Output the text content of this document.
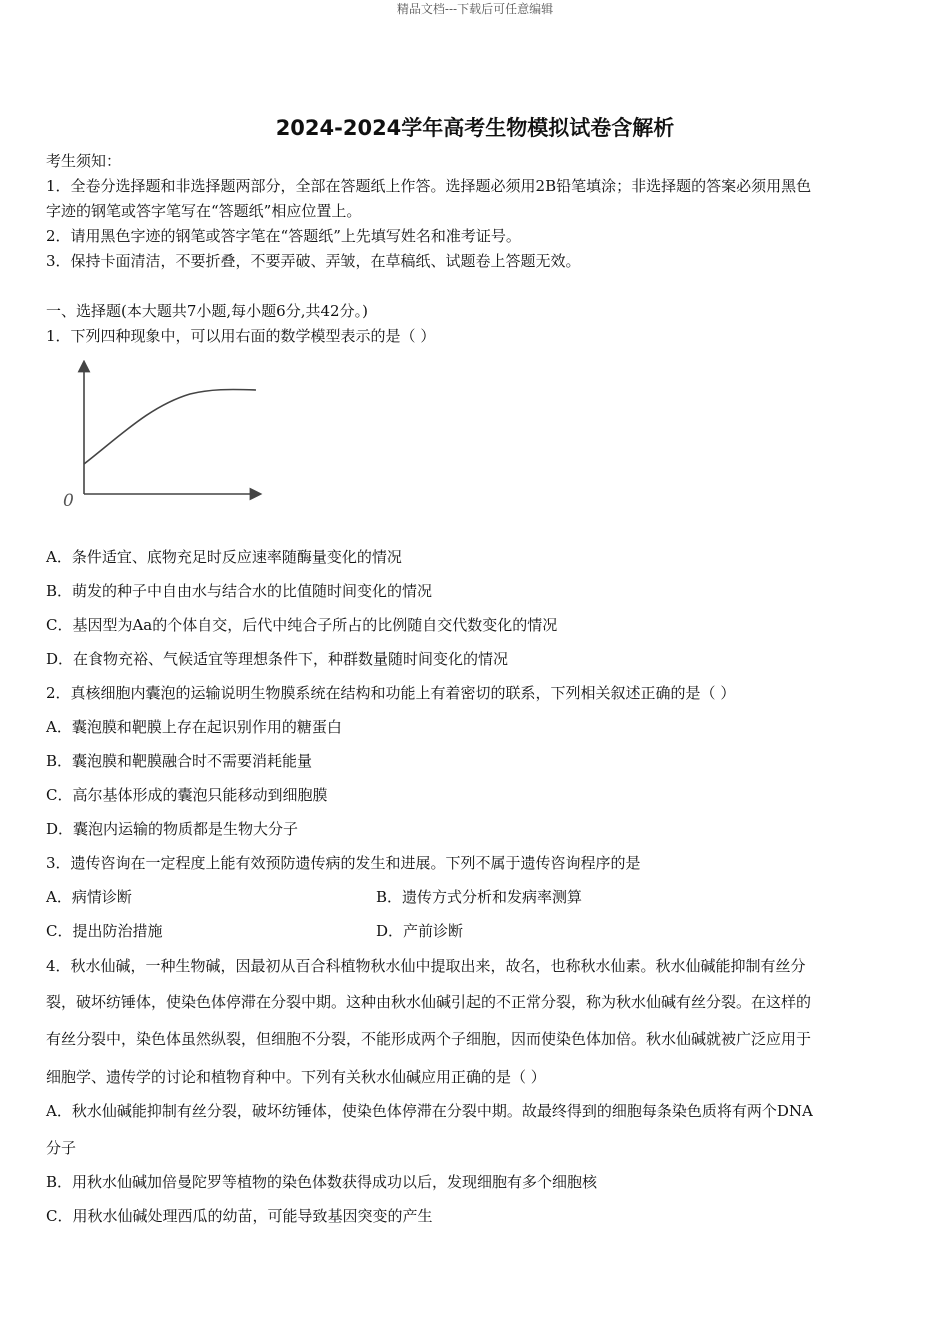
精品文档---下载后可任意编辑
2024-2024学年高考生物模拟试卷含解析
考生须知：
1．全卷分选择题和非选择题两部分，全部在答题纸上作答。选择题必须用2B铅笔填涂；非选择题的答案必须用黑色
字迹的钢笔或答字笔写在“答题纸”相应位置上。
2．请用黑色字迹的钢笔或答字笔在“答题纸”上先填写姓名和准考证号。
3．保持卡面清洁，不要折叠，不要弄破、弄皱，在草稿纸、试题卷上答题无效。
一、选择题(本大题共7小题,每小题6分,共42分。)
1．下列四种现象中，可以用右面的数学模型表示的是（ ）
0
A．条件适宜、底物充足时反应速率随酶量变化的情况
B．萌发的种子中自由水与结合水的比值随时间变化的情况
C．基因型为Aa的个体自交，后代中纯合子所占的比例随自交代数变化的情况
D．在食物充裕、气候适宜等理想条件下，种群数量随时间变化的情况
2．真核细胞内囊泡的运输说明生物膜系统在结构和功能上有着密切的联系，下列相关叙述正确的是（ ）
A．囊泡膜和靶膜上存在起识别作用的糖蛋白
B．囊泡膜和靶膜融合时不需要消耗能量
C．高尔基体形成的囊泡只能移动到细胞膜
D．囊泡内运输的物质都是生物大分子
3．遗传咨询在一定程度上能有效预防遗传病的发生和进展。下列不属于遗传咨询程序的是
A．病情诊断	B．遗传方式分析和发病率测算
C．提出防治措施	D．产前诊断
4．秋水仙碱，一种生物碱，因最初从百合科植物秋水仙中提取出来，故名，也称秋水仙素。秋水仙碱能抑制有丝分
裂，破坏纺锤体，使染色体停滞在分裂中期。这种由秋水仙碱引起的不正常分裂，称为秋水仙碱有丝分裂。在这样的
有丝分裂中，染色体虽然纵裂，但细胞不分裂，不能形成两个子细胞，因而使染色体加倍。秋水仙碱就被广泛应用于
细胞学、遗传学的讨论和植物育种中。下列有关秋水仙碱应用正确的是（ ）
A．秋水仙碱能抑制有丝分裂，破坏纺锤体，使染色体停滞在分裂中期。故最终得到的细胞每条染色质将有两个DNA
分子
B．用秋水仙碱加倍曼陀罗等植物的染色体数获得成功以后，发现细胞有多个细胞核
C．用秋水仙碱处理西瓜的幼苗，可能导致基因突变的产生
